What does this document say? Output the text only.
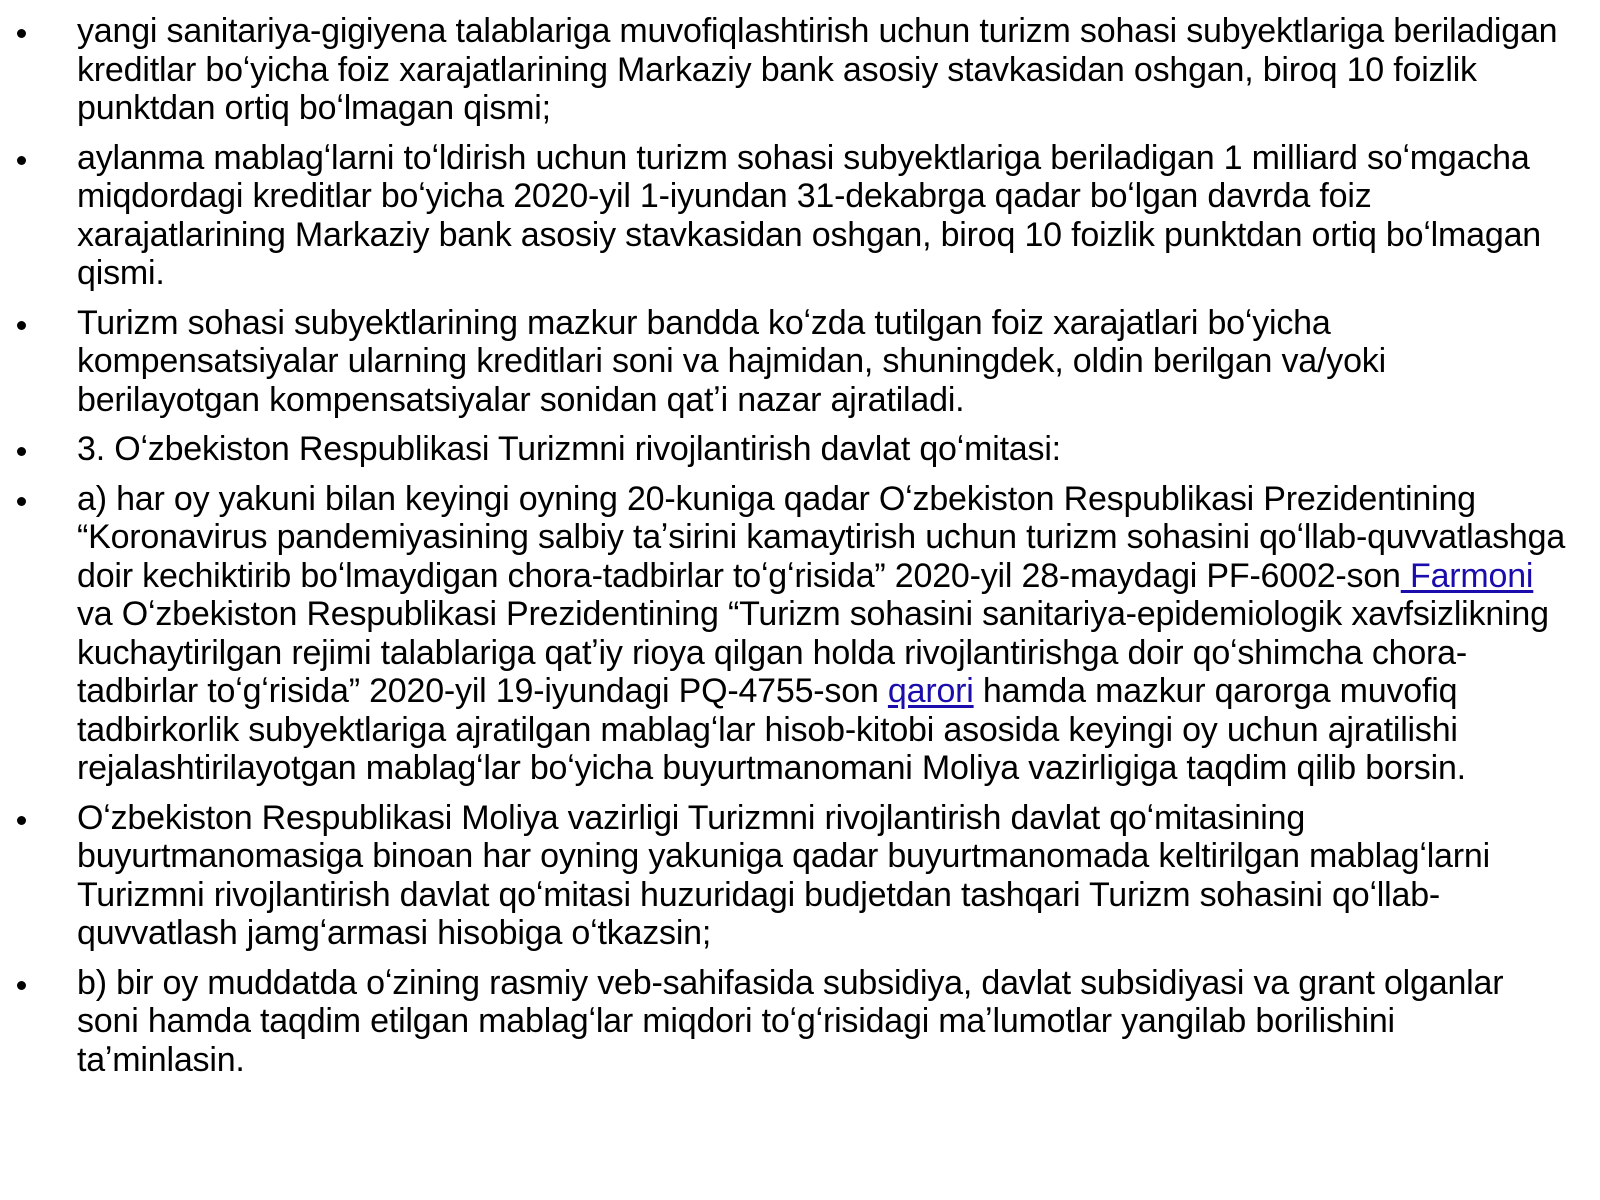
yangi sanitariya-gigiyena talablariga muvofiqlashtirish uchun turizm sohasi subyektlariga beriladigan kreditlar boʻyicha foiz xarajatlarining Markaziy bank asosiy stavkasidan oshgan, biroq 10 foizlik punktdan ortiq boʻlmagan qismi;
aylanma mablagʻlarni toʻldirish uchun turizm sohasi subyektlariga beriladigan 1 milliard soʻmgacha miqdordagi kreditlar boʻyicha 2020-yil 1-iyundan 31-dekabrga qadar boʻlgan davrda foiz xarajatlarining Markaziy bank asosiy stavkasidan oshgan, biroq 10 foizlik punktdan ortiq boʻlmagan qismi.
Turizm sohasi subyektlarining mazkur bandda koʻzda tutilgan foiz xarajatlari boʻyicha kompensatsiyalar ularning kreditlari soni va hajmidan, shuningdek, oldin berilgan va/yoki berilayotgan kompensatsiyalar sonidan qatʼi nazar ajratiladi.
3. Oʻzbekiston Respublikasi Turizmni rivojlantirish davlat qoʻmitasi:
a) har oy yakuni bilan keyingi oyning 20-kuniga qadar Oʻzbekiston Respublikasi Prezidentining “Koronavirus pandemiyasining salbiy taʼsirini kamaytirish uchun turizm sohasini qoʻllab-quvvatlashga doir kechiktirib boʻlmaydigan chora-tadbirlar toʻgʻrisida” 2020-yil 28-maydagi PF-6002-son Farmoni va Oʻzbekiston Respublikasi Prezidentining “Turizm sohasini sanitariya-epidemiologik xavfsizlikning kuchaytirilgan rejimi talablariga qatʼiy rioya qilgan holda rivojlantirishga doir qoʻshimcha chora-tadbirlar toʻgʻrisida” 2020-yil 19-iyundagi PQ-4755-son qarori hamda mazkur qarorga muvofiq tadbirkorlik subyektlariga ajratilgan mablagʻlar hisob-kitobi asosida keyingi oy uchun ajratilishi rejalashtirilayotgan mablagʻlar boʻyicha buyurtmanomani Moliya vazirligiga taqdim qilib borsin.
Oʻzbekiston Respublikasi Moliya vazirligi Turizmni rivojlantirish davlat qoʻmitasining buyurtmanomasiga binoan har oyning yakuniga qadar buyurtmanomada keltirilgan mablagʻlarni Turizmni rivojlantirish davlat qoʻmitasi huzuridagi budjetdan tashqari Turizm sohasini qoʻllab-quvvatlash jamgʻarmasi hisobiga oʻtkazsin;
b) bir oy muddatda oʻzining rasmiy veb-sahifasida subsidiya, davlat subsidiyasi va grant olganlar soni hamda taqdim etilgan mablagʻlar miqdori toʻgʻrisidagi maʼlumotlar yangilab borilishini taʼminlasin.
